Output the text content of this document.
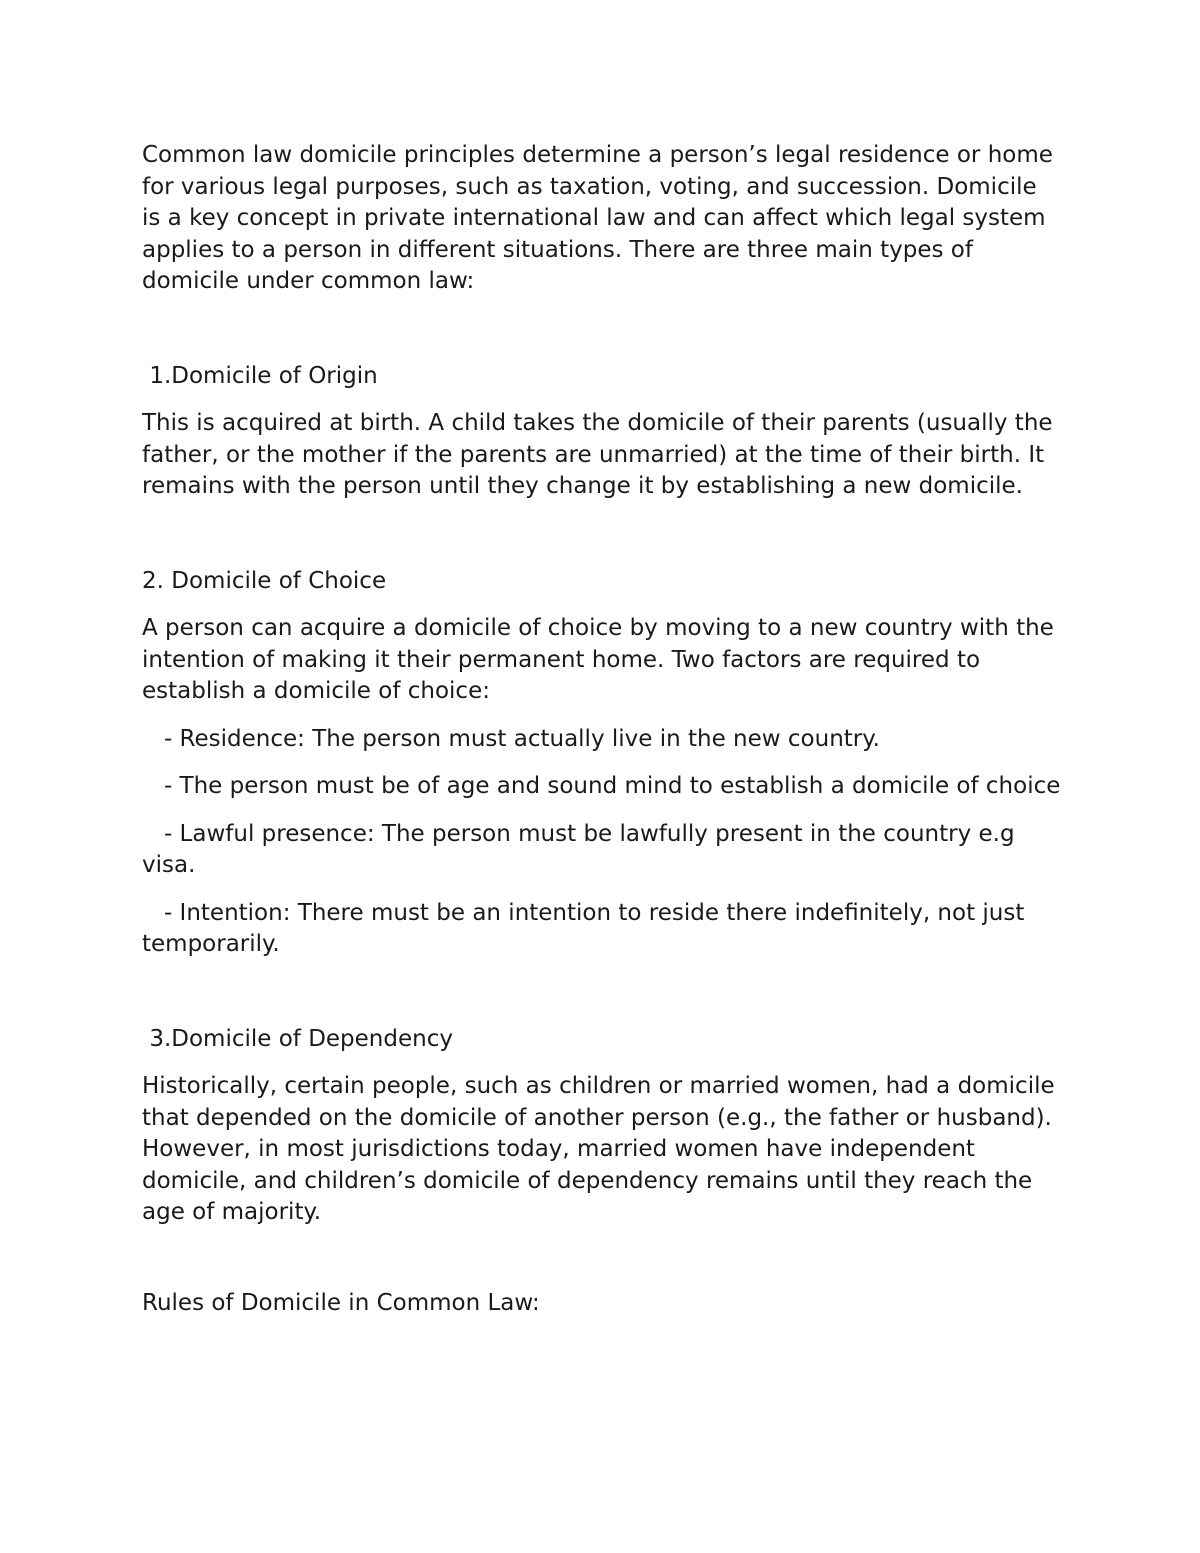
Common law domicile principles determine a person’s legal residence or home for various legal purposes, such as taxation, voting, and succession. Domicile is a key concept in private international law and can affect which legal system applies to a person in different situations. There are three main types of domicile under common law:

1.Domicile of Origin

This is acquired at birth. A child takes the domicile of their parents (usually the father, or the mother if the parents are unmarried) at the time of their birth. It remains with the person until they change it by establishing a new domicile.

2. Domicile of Choice

A person can acquire a domicile of choice by moving to a new country with the intention of making it their permanent home. Two factors are required to establish a domicile of choice:

- Residence: The person must actually live in the new country.

- The person must be of age and sound mind to establish a domicile of choice

- Lawful presence: The person must be lawfully present in the country e.g visa.

- Intention: There must be an intention to reside there indefinitely, not just temporarily.

3.Domicile of Dependency

Historically, certain people, such as children or married women, had a domicile that depended on the domicile of another person (e.g., the father or husband). However, in most jurisdictions today, married women have independent domicile, and children’s domicile of dependency remains until they reach the age of majority.

Rules of Domicile in Common Law:
